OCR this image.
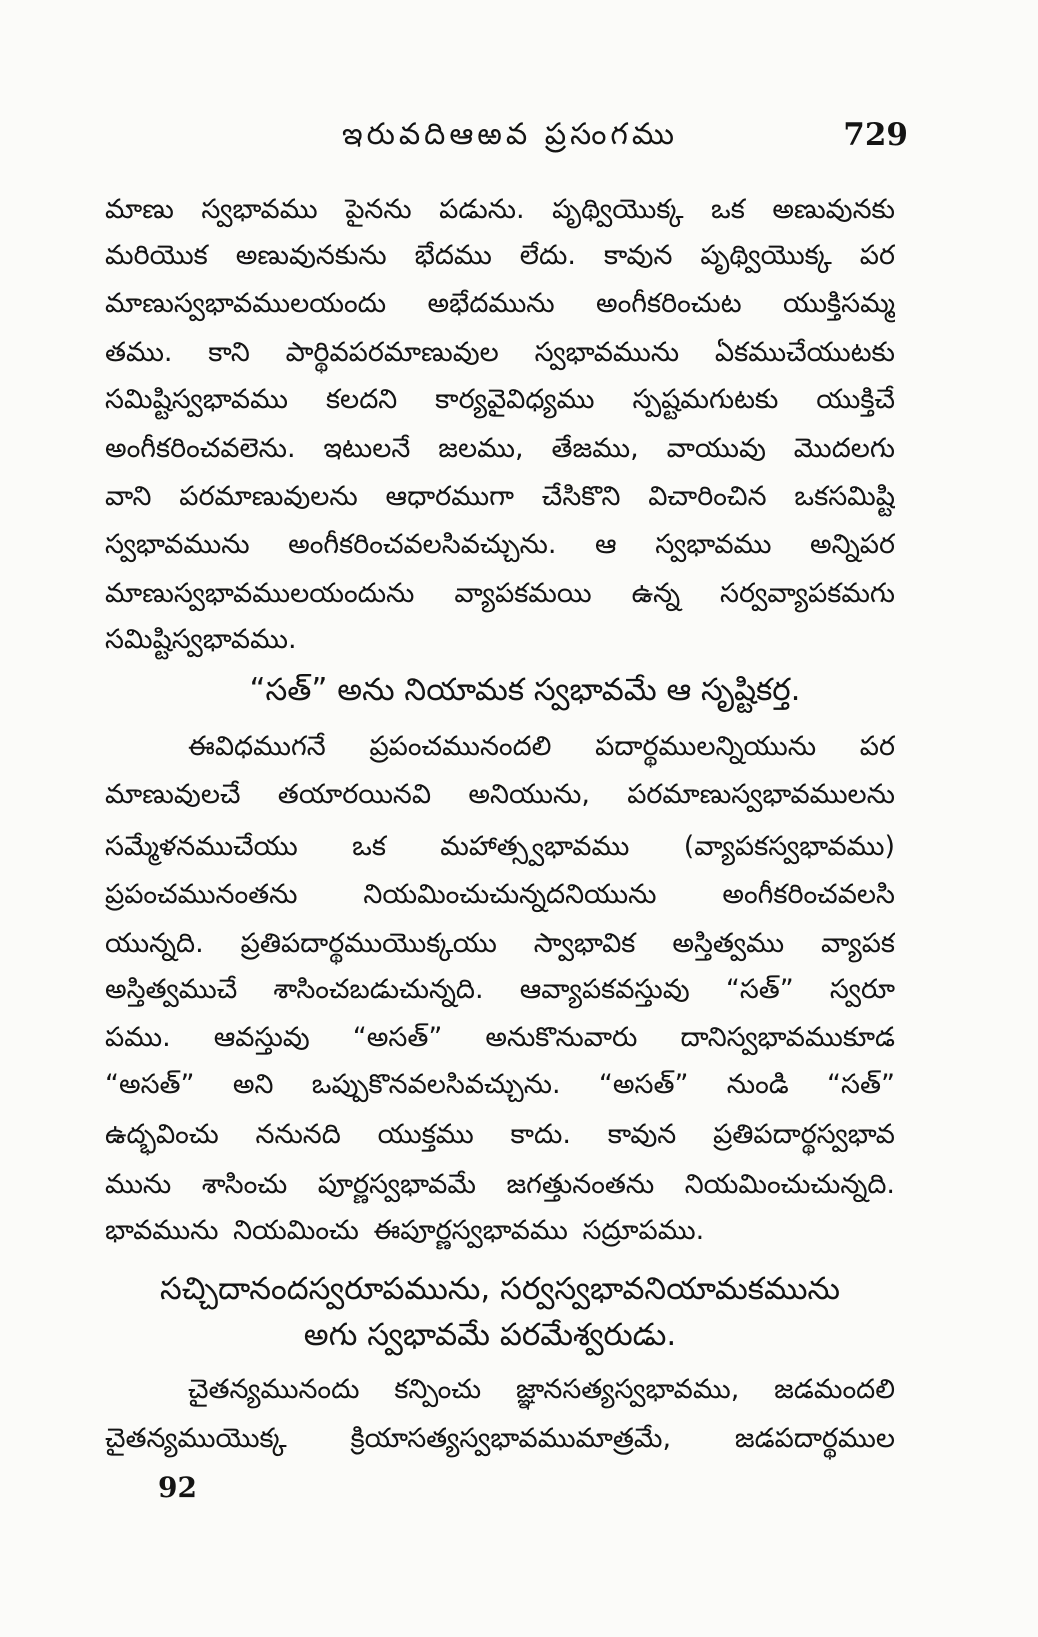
ఇరువదిఆఱవ ప్రసంగము	729
మాణు స్వభావము పైనను పడును. పృథ్వియొక్క ఒక అణువునకు
మరియొక అణువునకును భేదము లేదు. కావున పృథ్వియొక్క పర
మాణుస్వభావములయందు అభేదమును అంగీకరించుట యుక్తిసమ్మ
తము. కాని పార్థివపరమాణువుల స్వభావమును ఏకముచేయుటకు
సమిష్టిస్వభావము కలదని కార్యవైవిధ్యము స్పష్టమగుటకు యుక్తిచే
అంగీకరించవలెను. ఇటులనే జలము, తేజము, వాయువు మొదలగు
వాని పరమాణువులను ఆధారముగా చేసికొని విచారించిన ఒకసమిష్టి
స్వభావమును అంగీకరించవలసివచ్చును. ఆ స్వభావము అన్నిపర
మాణుస్వభావములయందును వ్యాపకమయి ఉన్న సర్వవ్యాపకమగు
సమిష్టిస్వభావము.
“సత్” అను నియామక స్వభావమే ఆ సృష్టికర్త.
ఈవిధముగనే ప్రపంచమునందలి పదార్థములన్నియును పర
మాణువులచే తయారయినవి అనియును, పరమాణుస్వభావములను
సమ్మేళనముచేయు ఒక మహాత్స్వభావము (వ్యాపకస్వభావము)
ప్రపంచమునంతను నియమించుచున్నదనియును అంగీకరించవలసి
యున్నది. ప్రతిపదార్థముయొక్కయు స్వాభావిక అస్తిత్వము వ్యాపక
అస్తిత్వముచే శాసించబడుచున్నది. ఆవ్యాపకవస్తువు “సత్” స్వరూ
పము. ఆవస్తువు “అసత్” అనుకొనువారు దానిస్వభావముకూడ
“అసత్” అని ఒప్పుకొనవలసివచ్చును. “అసత్” నుండి “సత్”
ఉద్భవించు ననునది యుక్తము కాదు. కావున ప్రతిపదార్థస్వభావ
మును శాసించు పూర్ణస్వభావమే జగత్తునంతను నియమించుచున్నది.
భావమును నియమించు ఈపూర్ణస్వభావము సద్రూపము.
సచ్చిదానందస్వరూపమును, సర్వస్వభావనియామకమును
అగు స్వభావమే పరమేశ్వరుడు.
చైతన్యమునందు కన్పించు జ్ఞానసత్యస్వభావము, జడమందలి
చైతన్యముయొక్క క్రియాసత్యస్వభావముమాత్రమే, జడపదార్థముల
92
